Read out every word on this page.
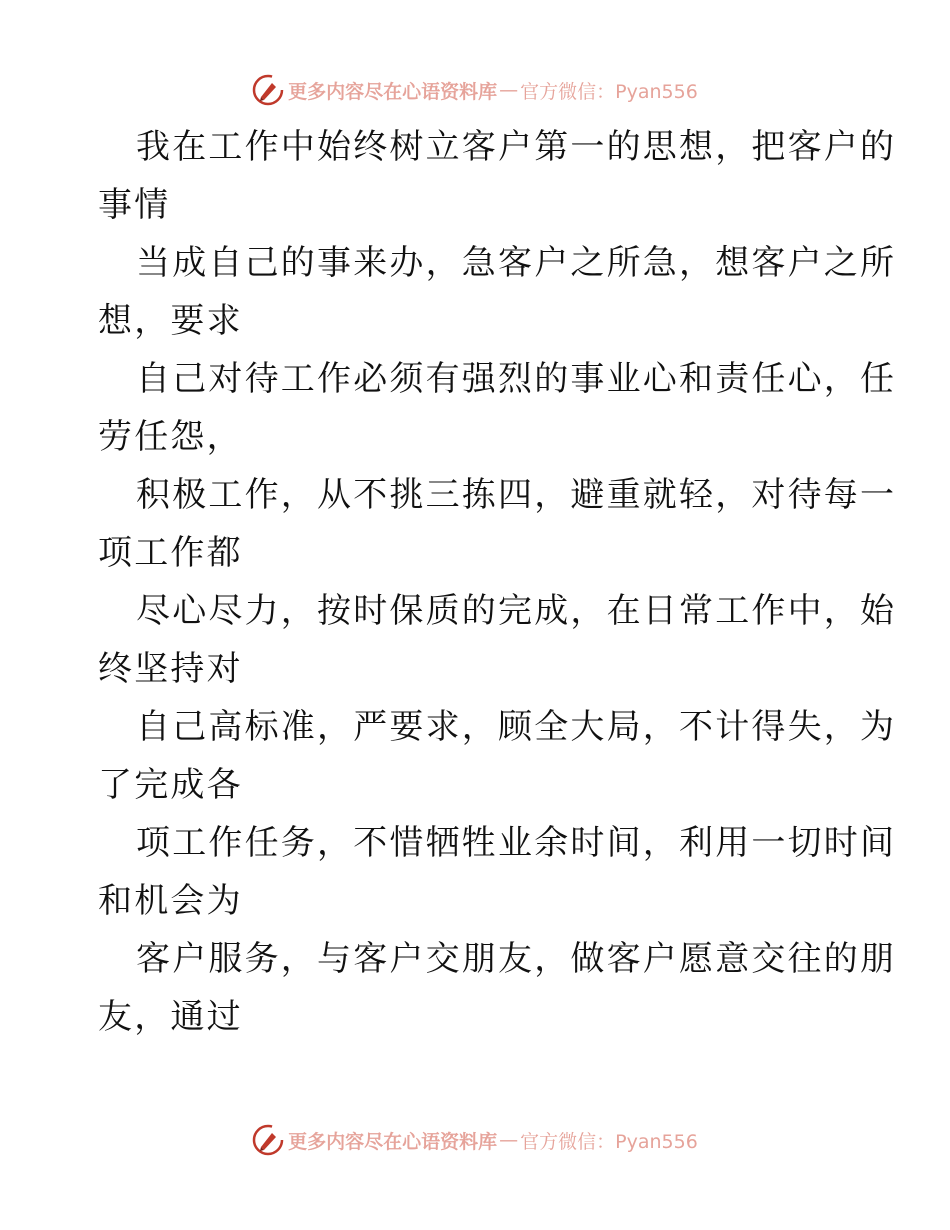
更多内容尽在心语资料库 — 官方微信：Pyan556

我在工作中始终树立客户第一的思想，把客户的
事情

当成自己的事来办，急客户之所急，想客户之所
想，要求

自己对待工作必须有强烈的事业心和责任心，任
劳任怨，

积极工作，从不挑三拣四，避重就轻，对待每一
项工作都

尽心尽力，按时保质的完成，在日常工作中，始
终坚持对

自己高标准，严要求，顾全大局，不计得失，为
了完成各

项工作任务，不惜牺牲业余时间，利用一切时间
和机会为

客户服务，与客户交朋友，做客户愿意交往的朋
友，通过

更多内容尽在心语资料库 — 官方微信：Pyan556
